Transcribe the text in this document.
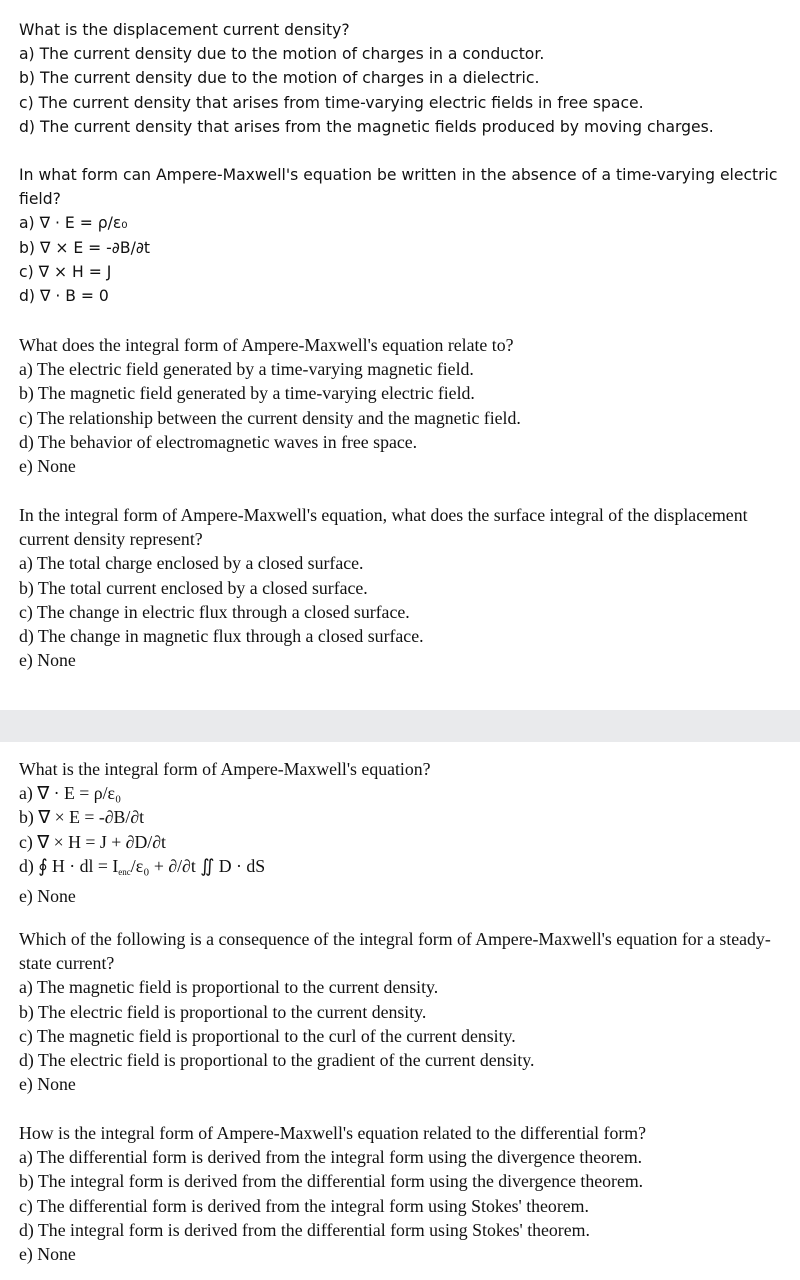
What is the displacement current density?
a) The current density due to the motion of charges in a conductor.
b) The current density due to the motion of charges in a dielectric.
c) The current density that arises from time-varying electric fields in free space.
d) The current density that arises from the magnetic fields produced by moving charges.
In what form can Ampere-Maxwell's equation be written in the absence of a time-varying electric field?
a) ∇ · E = ρ/ε₀
b) ∇ × E = -∂B/∂t
c) ∇ × H = J
d) ∇ · B = 0
What does the integral form of Ampere-Maxwell's equation relate to?
a) The electric field generated by a time-varying magnetic field.
b) The magnetic field generated by a time-varying electric field.
c) The relationship between the current density and the magnetic field.
d) The behavior of electromagnetic waves in free space.
e) None
In the integral form of Ampere-Maxwell's equation, what does the surface integral of the displacement current density represent?
a) The total charge enclosed by a closed surface.
b) The total current enclosed by a closed surface.
c) The change in electric flux through a closed surface.
d) The change in magnetic flux through a closed surface.
e) None
What is the integral form of Ampere-Maxwell's equation?
a) ∇ · E = ρ/ε₀
b) ∇ × E = -∂B/∂t
c) ∇ × H = J + ∂D/∂t
d) ∮ H · dl = $I_{enc}/\varepsilon_0 + \partial/\partial t$ ∬ D · dS
e) None
Which of the following is a consequence of the integral form of Ampere-Maxwell's equation for a steady-state current?
a) The magnetic field is proportional to the current density.
b) The electric field is proportional to the current density.
c) The magnetic field is proportional to the curl of the current density.
d) The electric field is proportional to the gradient of the current density.
e) None
How is the integral form of Ampere-Maxwell's equation related to the differential form?
a) The differential form is derived from the integral form using the divergence theorem.
b) The integral form is derived from the differential form using the divergence theorem.
c) The differential form is derived from the integral form using Stokes' theorem.
d) The integral form is derived from the differential form using Stokes' theorem.
e) None
